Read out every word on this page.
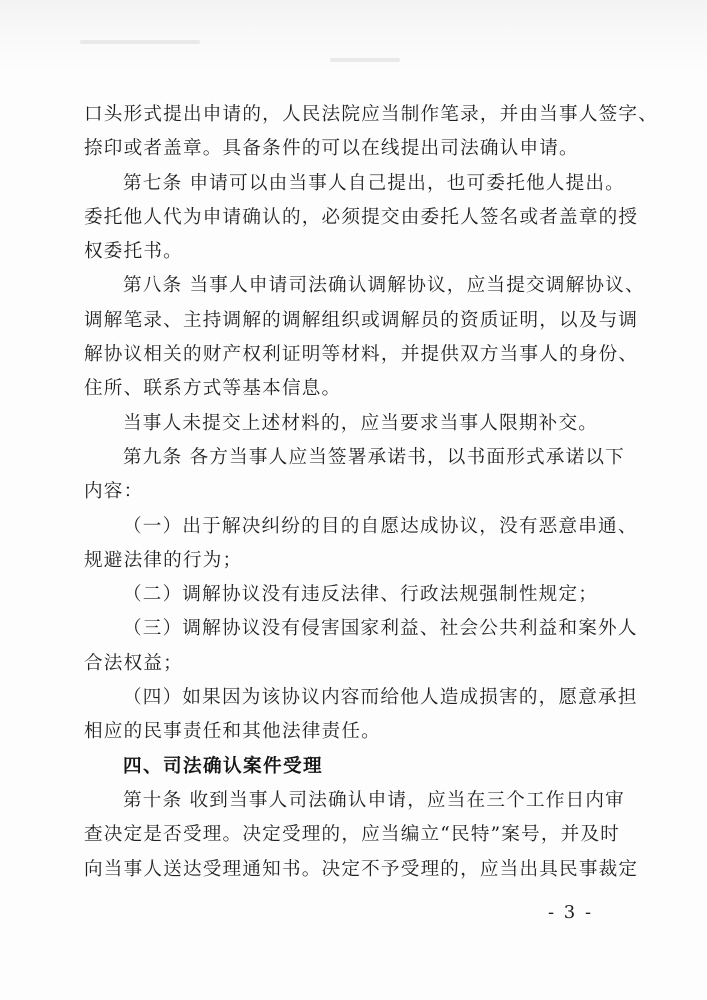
口头形式提出申请的，人民法院应当制作笔录，并由当事人签字、
捺印或者盖章。具备条件的可以在线提出司法确认申请。
第七条 申请可以由当事人自己提出，也可委托他人提出。
委托他人代为申请确认的，必须提交由委托人签名或者盖章的授
权委托书。
第八条 当事人申请司法确认调解协议，应当提交调解协议、
调解笔录、主持调解的调解组织或调解员的资质证明，以及与调
解协议相关的财产权利证明等材料，并提供双方当事人的身份、
住所、联系方式等基本信息。
当事人未提交上述材料的，应当要求当事人限期补交。
第九条 各方当事人应当签署承诺书，以书面形式承诺以下
内容：
（一）出于解决纠纷的目的自愿达成协议，没有恶意串通、
规避法律的行为；
（二）调解协议没有违反法律、行政法规强制性规定；
（三）调解协议没有侵害国家利益、社会公共利益和案外人
合法权益；
（四）如果因为该协议内容而给他人造成损害的，愿意承担
相应的民事责任和其他法律责任。
四、司法确认案件受理
第十条 收到当事人司法确认申请，应当在三个工作日内审
查决定是否受理。决定受理的，应当编立“民特”案号，并及时
向当事人送达受理通知书。决定不予受理的，应当出具民事裁定
- 3 -
